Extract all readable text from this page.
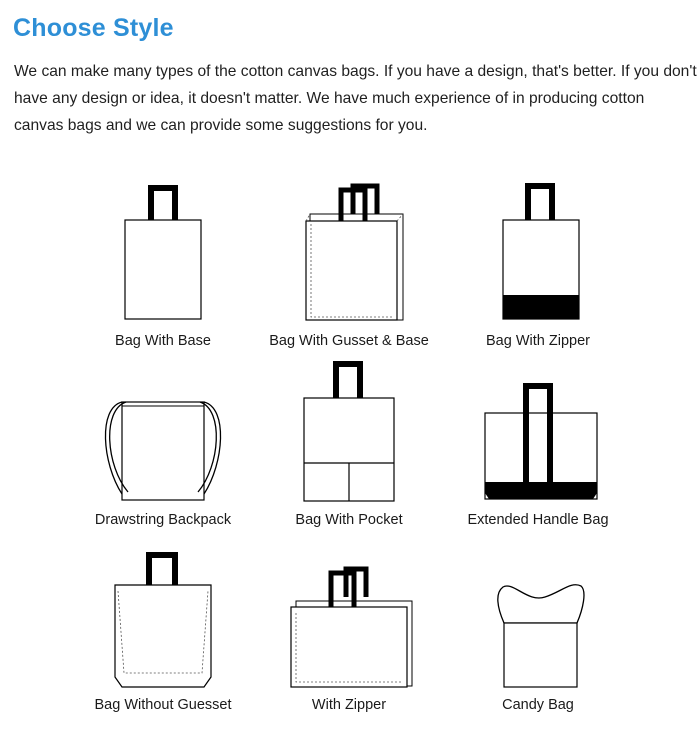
Choose Style

We can make many types of the cotton canvas bags. If you have a design, that's better. If you don't have any design or idea, it doesn't matter. We have much experience of in producing cotton canvas bags and we can provide some suggestions for you.

Bag With Base	Bag With Gusset & Base	Bag With Zipper

Drawstring Backpack	Bag With Pocket	Extended Handle Bag

Bag Without Guesset	With Zipper	Candy Bag
